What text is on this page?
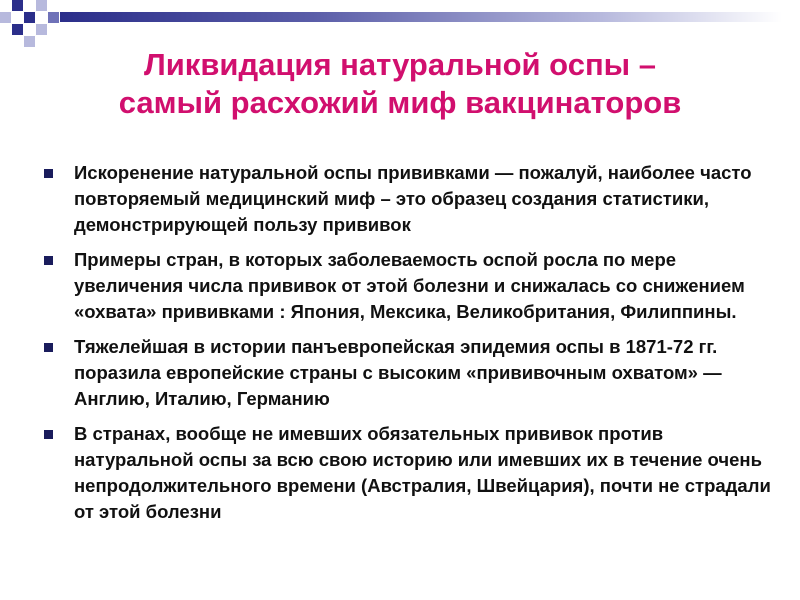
Ликвидация натуральной оспы –
самый расхожий миф вакцинаторов
Искоренение натуральной оспы прививками — пожалуй, наиболее часто повторяемый медицинский миф – это образец создания статистики, демонстрирующей пользу прививок
Примеры стран, в которых заболеваемость оспой росла по мере увеличения числа прививок от этой болезни и снижалась со снижением «охвата» прививками : Япония, Мексика, Великобритания, Филиппины.
Тяжелейшая в истории панъевропейская эпидемия оспы в 1871-72 гг. поразила европейские страны с высоким «прививочным охватом» — Англию, Италию, Германию
В странах, вообще не имевших обязательных прививок против натуральной оспы за всю свою историю или имевших их в течение очень непродолжительного времени (Австралия, Швейцария), почти не страдали от этой болезни
